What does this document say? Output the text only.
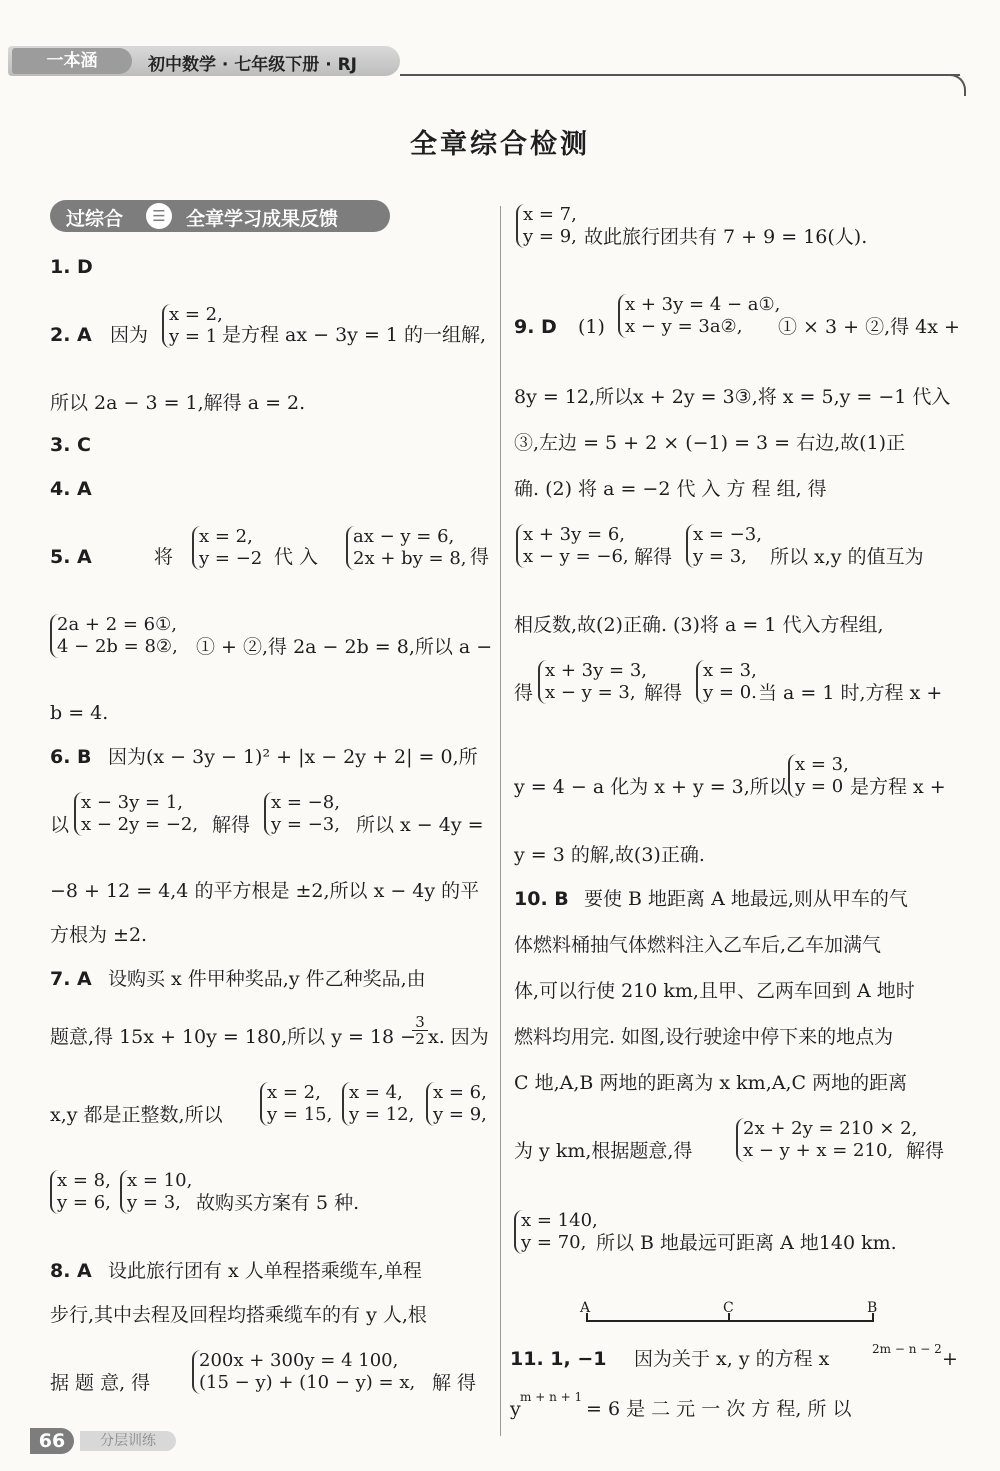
一本涵	初中数学 · 七年级下册 · RJ
全章综合检测
过综合	☰	全章学习成果反馈
1. D
2. A 因为
x = 2,
y = 1 是方程 ax − 3y = 1 的一组解,
所以 2a − 3 = 1,解得 a = 2.
3. C
4. A
5. A	将
x = 2,
y = −2 代 入
ax − y = 6,
2x + by = 8, 得
2a + 2 = 6①,
4 − 2b = 8②, ① + ②,得 2a − 2b = 8,所以 a −
b = 4.
6. B 因为(x − 3y − 1)² + |x − 2y + 2| = 0,所
以
x − 3y = 1,
x − 2y = −2, 解得
x = −8,
y = −3, 所以 x − 4y =
−8 + 12 = 4,4 的平方根是 ±2,所以 x − 4y 的平
方根为 ±2.
7. A 设购买 x 件甲种奖品,y 件乙种奖品,由
题意,得 15x + 10y = 180,所以 y = 18 −
$\frac{3}{2} x$. 因为
x,y 都是正整数,所以
x = 2,
y = 15,
x = 4,
y = 12,
x = 6,
y = 9,
x = 8,
y = 6,
x = 10,
y = 3, 故购买方案有 5 种.
8. A 设此旅行团有 x 人单程搭乘缆车,单程
步行,其中去程及回程均搭乘缆车的有 y 人,根
据 题 意, 得
200x + 300y = 4 100,
(15 − y) + (10 − y) = x, 解 得
x = 7,
y = 9, 故此旅行团共有 7 + 9 = 16(人).
9. D (1)
x + 3y = 4 − a①,
x − y = 3a②,	① × 3 + ②,得 4x +
8y = 12,所以x + 2y = 3③,将 x = 5,y = −1 代入
③,左边 = 5 + 2 × (−1) = 3 = 右边,故(1)正
确. (2) 将 a = −2 代 入 方 程 组, 得
x + 3y = 6,
x − y = −6, 解得
x = −3,
y = 3,	所以 x,y 的值互为
相反数,故(2)正确. (3)将 a = 1 代入方程组,
得
x + 3y = 3,
x − y = 3, 解得
x = 3,
y = 0. 当 a = 1 时,方程 x +
y = 4 − a 化为 x + y = 3,所以
x = 3,
y = 0 是方程 x +
y = 3 的解,故(3)正确.
10. B 要使 B 地距离 A 地最远,则从甲车的气
体燃料桶抽气体燃料注入乙车后,乙车加满气
体,可以行使 210 km,且甲、乙两车回到 A 地时
燃料均用完. 如图,设行驶途中停下来的地点为
C 地,A,B 两地的距离为 x km,A,C 两地的距离
为 y km,根据题意,得
2x + 2y = 210 × 2,
x − y + x = 210, 解得
x = 140,
y = 70, 所以 B 地最远可距离 A 地140 km.
A	C	B
11. 1, −1 因为关于 x, y 的方程 x	2m − n − 2 +
y
m + n + 1
= 6 是 二 元 一 次 方 程, 所 以
66	分层训练
